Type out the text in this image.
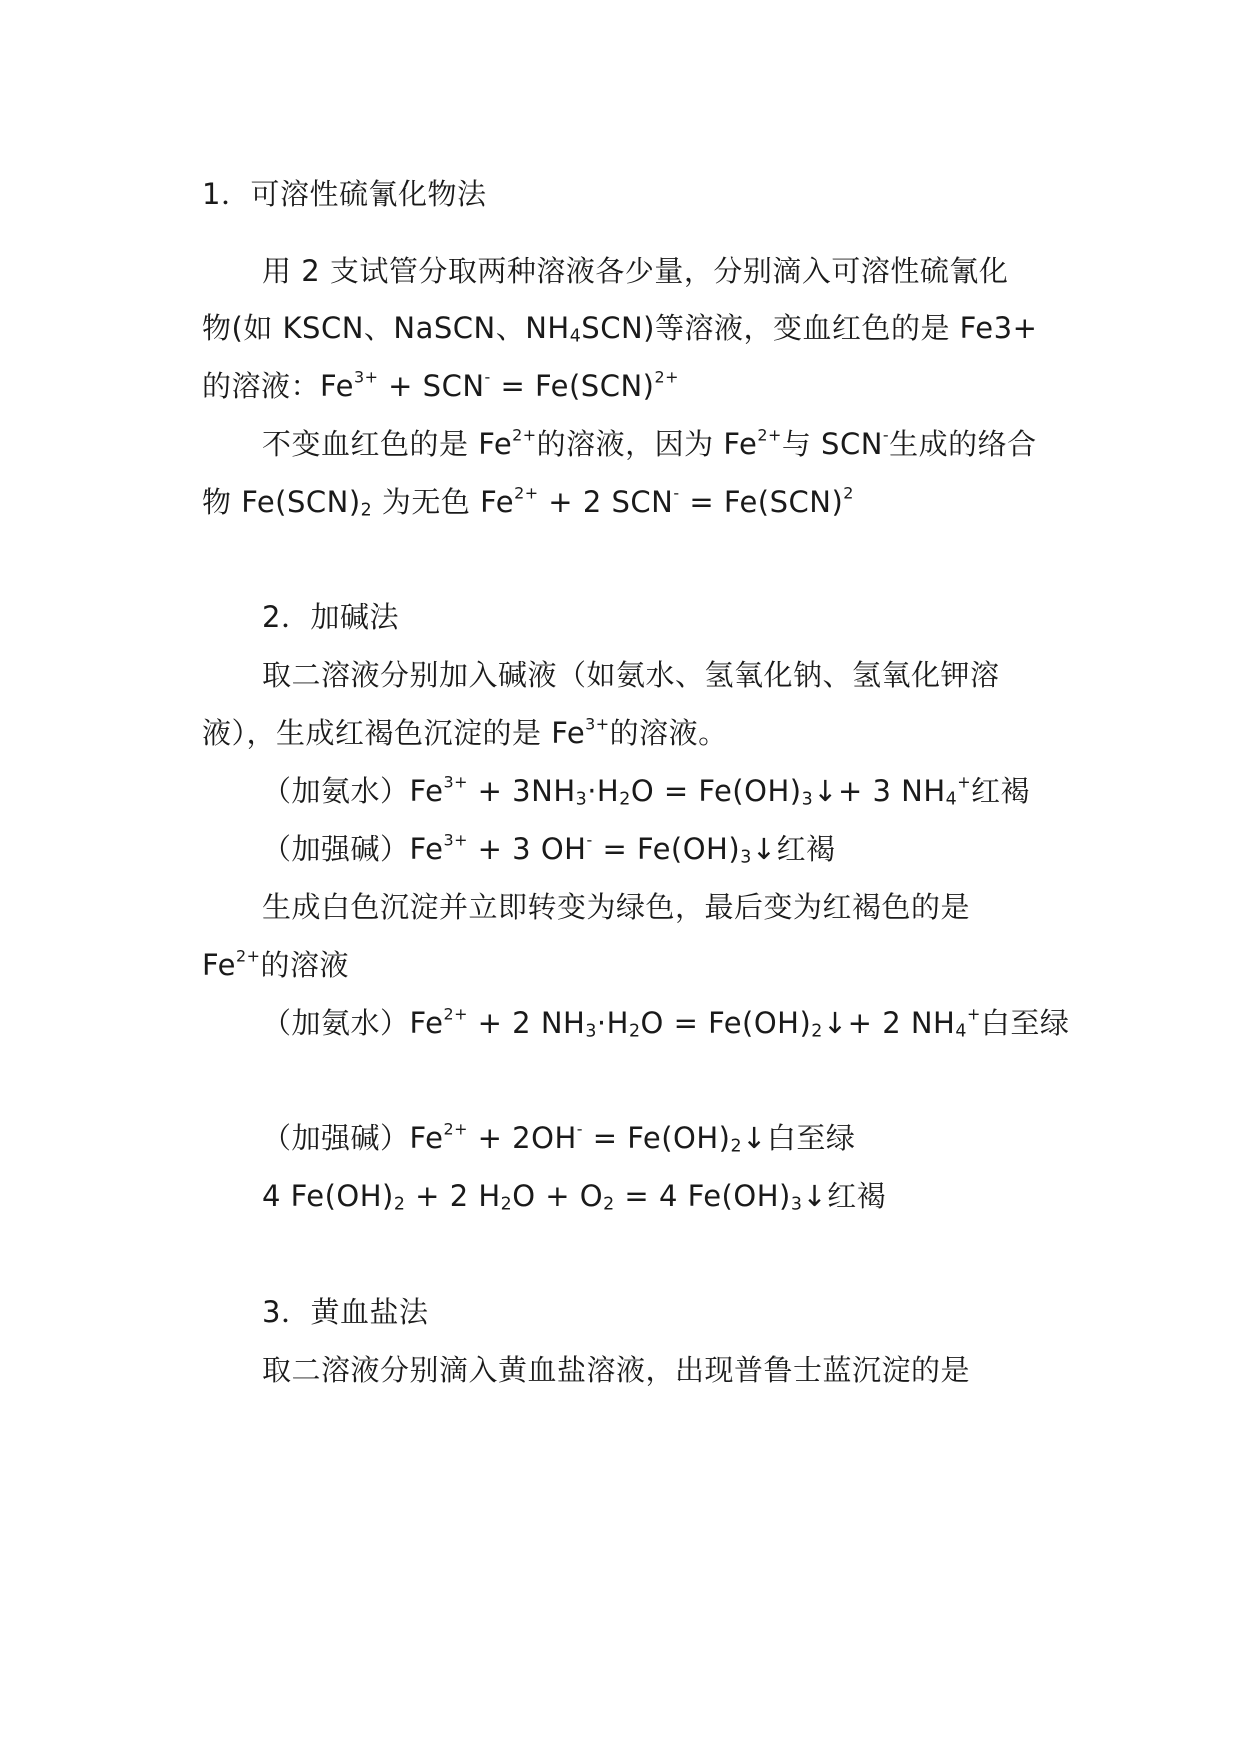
1．可溶性硫氰化物法
用 2 支试管分取两种溶液各少量，分别滴入可溶性硫氰化
物(如 KSCN、NaSCN、$NH_4SCN$)等溶液，变血红色的是 Fe3+
的溶液：$Fe^{3+} + SCN^- = Fe(SCN)^{2+}$
不变血红色的是 $Fe^{2+}$的溶液，因为 $Fe^{2+}$与 SCN-生成的络合
物 $Fe(SCN)_2$ 为无色 $Fe^{2+} + 2$ SCN- = Fe(SCN)$^2$
2．加碱法
取二溶液分别加入碱液（如氨水、氢氧化钠、氢氧化钾溶
液），生成红褐色沉淀的是 $Fe^{3+}$的溶液。
（加氨水）$Fe^{3+} + 3NH_3\cdot H_2O$ = $Fe(OH)_3↓+ 3$ $NH_4^+$红褐
（加强碱）$Fe^{3+} + 3$ $OH^- = Fe(OH)_3↓$红褐
生成白色沉淀并立即转变为绿色，最后变为红褐色的是
$Fe^{2+}$的溶液
（加氨水）$Fe^{2+} + 2$ $NH_3\cdot H_2O$ = $Fe(OH)_2↓+ 2$ $NH_4^+$白至绿
（加强碱）$Fe^{2+} + 2OH^-$ = $Fe(OH)_2↓$白至绿
4 $Fe(OH)_2 + 2$ $H_2O + O_2 = 4$ $Fe(OH)_3↓$红褐
3．黄血盐法
取二溶液分别滴入黄血盐溶液，出现普鲁士蓝沉淀的是
